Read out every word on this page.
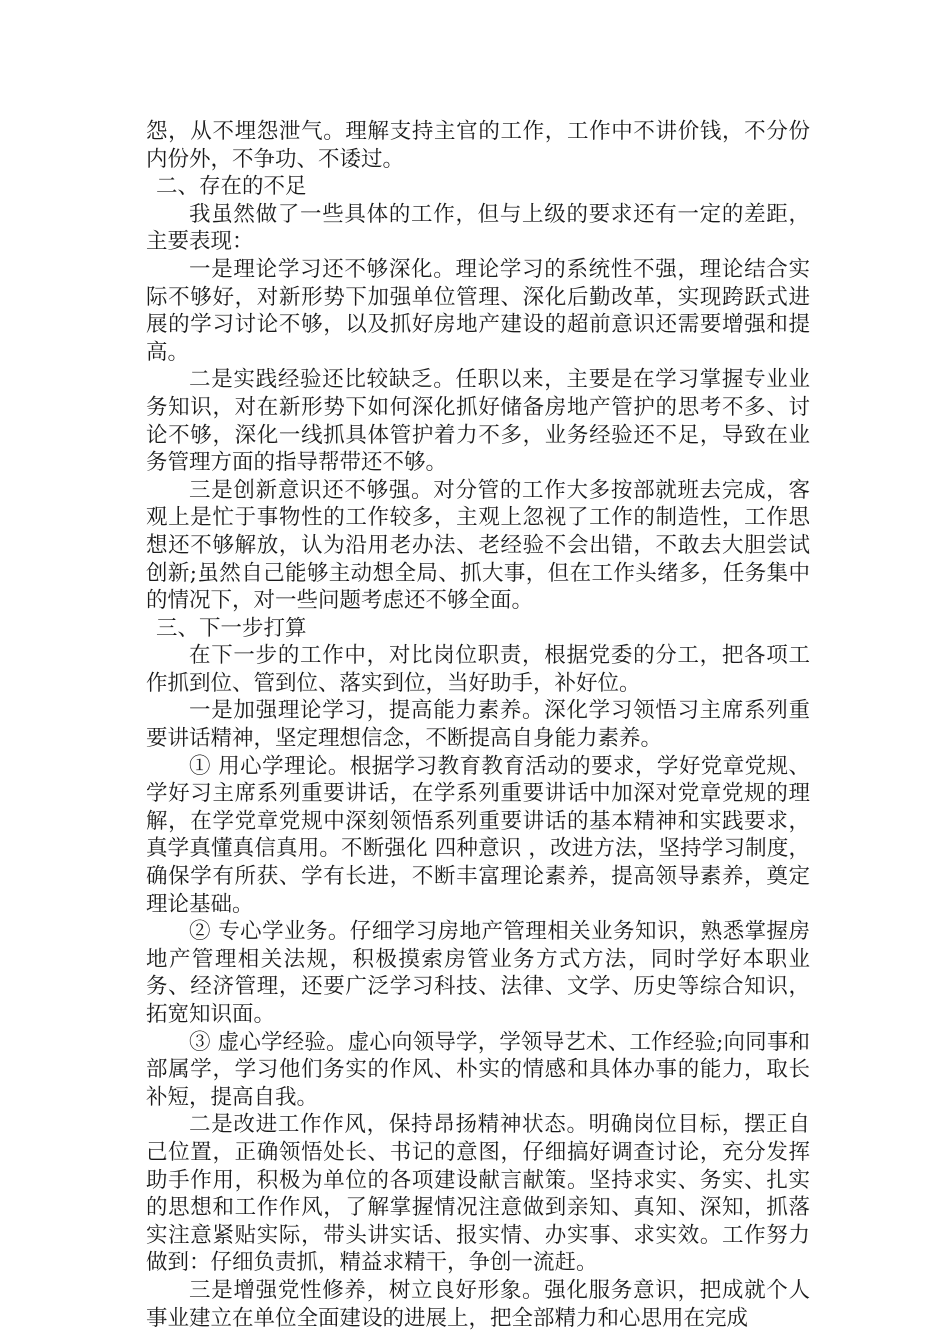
怨，从不埋怨泄气。理解支持主官的工作，工作中不讲价钱，不分份内份外，不争功、不诿过。

二、存在的不足

我虽然做了一些具体的工作，但与上级的要求还有一定的差距，主要表现：

一是理论学习还不够深化。理论学习的系统性不强，理论结合实际不够好，对新形势下加强单位管理、深化后勤改革，实现跨跃式进展的学习讨论不够，以及抓好房地产建设的超前意识还需要增强和提高。

二是实践经验还比较缺乏。任职以来，主要是在学习掌握专业业务知识，对在新形势下如何深化抓好储备房地产管护的思考不多、讨论不够，深化一线抓具体管护着力不多，业务经验还不足，导致在业务管理方面的指导帮带还不够。

三是创新意识还不够强。对分管的工作大多按部就班去完成，客观上是忙于事物性的工作较多，主观上忽视了工作的制造性，工作思想还不够解放，认为沿用老办法、老经验不会出错，不敢去大胆尝试创新;虽然自己能够主动想全局、抓大事，但在工作头绪多，任务集中的情况下，对一些问题考虑还不够全面。

三、下一步打算

在下一步的工作中，对比岗位职责，根据党委的分工，把各项工作抓到位、管到位、落实到位，当好助手，补好位。

一是加强理论学习，提高能力素养。深化学习领悟习主席系列重要讲话精神，坚定理想信念，不断提高自身能力素养。

① 用心学理论。根据学习教育教育活动的要求，学好党章党规、学好习主席系列重要讲话，在学系列重要讲话中加深对党章党规的理解，在学党章党规中深刻领悟系列重要讲话的基本精神和实践要求，真学真懂真信真用。不断强化 四种意识 ，改进方法，坚持学习制度，确保学有所获、学有长进，不断丰富理论素养，提高领导素养，奠定理论基础。

② 专心学业务。仔细学习房地产管理相关业务知识，熟悉掌握房地产管理相关法规，积极摸索房管业务方式方法，同时学好本职业务、经济管理，还要广泛学习科技、法律、文学、历史等综合知识，拓宽知识面。

③ 虚心学经验。虚心向领导学，学领导艺术、工作经验;向同事和部属学，学习他们务实的作风、朴实的情感和具体办事的能力，取长补短，提高自我。

二是改进工作作风，保持昂扬精神状态。明确岗位目标，摆正自己位置，正确领悟处长、书记的意图，仔细搞好调查讨论，充分发挥助手作用，积极为单位的各项建设献言献策。坚持求实、务实、扎实的思想和工作作风，了解掌握情况注意做到亲知、真知、深知，抓落实注意紧贴实际，带头讲实话、报实情、办实事、求实效。工作努力做到：仔细负责抓，精益求精干，争创一流赶。

三是增强党性修养，树立良好形象。强化服务意识，把成就个人事业建立在单位全面建设的进展上，把全部精力和心思用在完成
